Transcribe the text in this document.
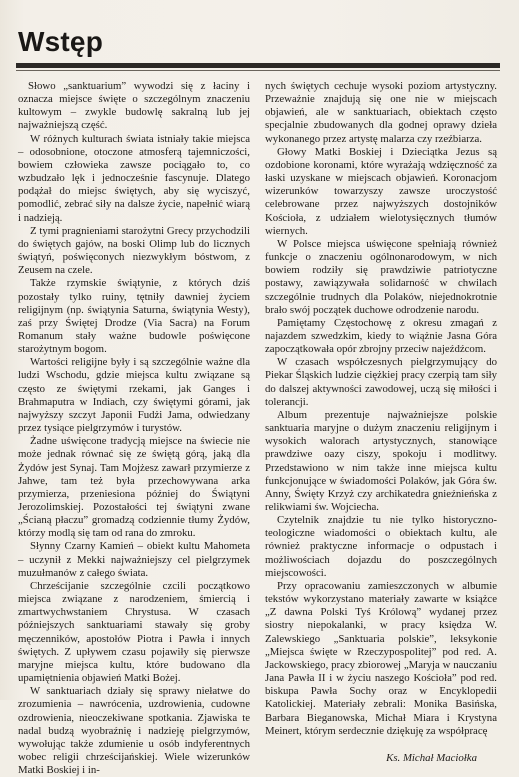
Wstęp

Słowo „sanktuarium” wywodzi się z łaciny i oznacza miejsce święte o szczególnym znaczeniu kultowym – zwykle budowlę sakralną lub jej najważniejszą część.

W różnych kulturach świata istniały takie miejsca – odosobnione, otoczone atmosferą tajemniczości, bowiem człowieka zawsze pociągało to, co wzbudzało lęk i jednocześnie fascynuje. Dlatego podążał do miejsc świętych, aby się wyciszyć, pomodlić, zebrać siły na dalsze życie, napełnić wiarą i nadzieją.

Z tymi pragnieniami starożytni Grecy przychodzili do świętych gajów, na boski Olimp lub do licznych świątyń, poświęconych niezwykłym bóstwom, z Zeusem na czele.

Także rzymskie świątynie, z których dziś pozostały tylko ruiny, tętniły dawniej życiem religijnym (np. świątynia Saturna, świątynia Westy), zaś przy Świętej Drodze (Via Sacra) na Forum Romanum stały ważne budowle poświęcone starożytnym bogom.

Wartości religijne były i są szczególnie ważne dla ludzi Wschodu, gdzie miejsca kultu związane są często ze świętymi rzekami, jak Ganges i Brahmaputra w Indiach, czy świętymi górami, jak najwyższy szczyt Japonii Fudżi Jama, odwiedzany przez tysiące pielgrzymów i turystów.

Żadne uświęcone tradycją miejsce na świecie nie może jednak równać się ze świętą górą, jaką dla Żydów jest Synaj. Tam Mojżesz zawarł przymierze z Jahwe, tam też była przechowywana arka przymierza, przeniesiona później do Świątyni Jerozolimskiej. Pozostałości tej świątyni zwane „Ścianą płaczu” gromadzą codziennie tłumy Żydów, którzy modlą się tam od rana do zmroku.

Słynny Czarny Kamień – obiekt kultu Mahometa – uczynił z Mekki najważniejszy cel pielgrzymek muzułmanów z całego świata.

Chrześcijanie szczególnie czcili początkowo miejsca związane z narodzeniem, śmiercią i zmartwychwstaniem Chrystusa. W czasach późniejszych sanktuariami stawały się groby męczenników, apostołów Piotra i Pawła i innych świętych. Z upływem czasu pojawiły się pierwsze maryjne miejsca kultu, które budowano dla upamiętnienia objawień Matki Bożej.

W sanktuariach działy się sprawy niełatwe do zrozumienia – nawrócenia, uzdrowienia, cudowne ozdrowienia, nieoczekiwane spotkania. Zjawiska te nadal budzą wyobraźnię i nadzieję pielgrzymów, wywołując także zdumienie u osób indyferentnych wobec religii chrześcijańskiej. Wiele wizerunków Matki Boskiej i in-

nych świętych cechuje wysoki poziom artystyczny. Przeważnie znajdują się one nie w miejscach objawień, ale w sanktuariach, obiektach często specjalnie zbudowanych dla godnej oprawy dzieła wykonanego przez artystę malarza czy rzeźbiarza.

Głowy Matki Boskiej i Dzieciątka Jezus są ozdobione koronami, które wyrażają wdzięczność za łaski uzyskane w miejscach objawień. Koronacjom wizerunków towarzyszy zawsze uroczystość celebrowane przez najwyższych dostojników Kościoła, z udziałem wielotysięcznych tłumów wiernych.

W Polsce miejsca uświęcone spełniają również funkcje o znaczeniu ogólnonarodowym, w nich bowiem rodziły się prawdziwie patriotyczne postawy, zawiązywała solidarność w chwilach szczególnie trudnych dla Polaków, niejednokrotnie brało swój początek duchowe odrodzenie narodu.

Pamiętamy Częstochowę z okresu zmagań z najazdem szwedzkim, kiedy to wiążnie Jasna Góra zapoczątkowała opór zbrojny przeciw najeźdźcom.

W czasach współczesnych pielgrzymujący do Piekar Śląskich ludzie ciężkiej pracy czerpią tam siły do dalszej aktywności zawodowej, uczą się miłości i tolerancji.

Album prezentuje najważniejsze polskie sanktuaria maryjne o dużym znaczeniu religijnym i wysokich walorach artystycznych, stanowiące prawdziwe oazy ciszy, spokoju i modlitwy. Przedstawiono w nim także inne miejsca kultu funkcjonujące w świadomości Polaków, jak Góra św. Anny, Święty Krzyż czy archikatedra gnieźnieńska z relikwiami św. Wojciecha.

Czytelnik znajdzie tu nie tylko historyczno-teologiczne wiadomości o obiektach kultu, ale również praktyczne informacje o odpustach i możliwościach dojazdu do poszczególnych miejscowości.

Przy opracowaniu zamieszczonych w albumie tekstów wykorzystano materiały zawarte w książce „Z dawna Polski Tyś Królową” wydanej przez siostry niepokalanki, w pracy księdza W. Zalewskiego „Sanktuaria polskie”, leksykonie „Miejsca święte w Rzeczypospolitej” pod red. A. Jackowskiego, pracy zbiorowej „Maryja w nauczaniu Jana Pawła II i w życiu naszego Kościoła” pod red. biskupa Pawła Sochy oraz w Encyklopedii Katolickiej. Materiały zebrali: Monika Basińska, Barbara Bieganowska, Michał Miara i Krystyna Meinert, którym serdecznie dziękuję za współpracę

Ks. Michał Maciołka
